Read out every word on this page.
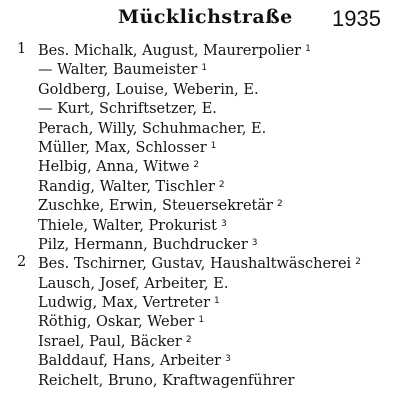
Mücklichstraße 1935
1 Bes. Michalk, August, Maurerpolier $^1$
— Walter, Baumeister $^1$
Goldberg, Louise, Weberin, E.
— Kurt, Schriftsetzer, E.
Perach, Willy, Schuhmacher, E.
Müller, Max, Schlosser $^1$
Helbig, Anna, Witwe $^2$
Randig, Walter, Tischler $^2$
Zuschke, Erwin, Steuersekretär $^2$
Thiele, Walter, Prokurist $^3$
Pilz, Hermann, Buchdrucker $^3$
2 Bes. Tschirner, Gustav, Haushaltwäscherei $^2$
Lausch, Josef, Arbeiter, E.
Ludwig, Max, Vertreter $^1$
Röthig, Oskar, Weber $^1$
Israel, Paul, Bäcker $^2$
Balddauf, Hans, Arbeiter $^3$
Reichelt, Bruno, Kraftwagenführer
